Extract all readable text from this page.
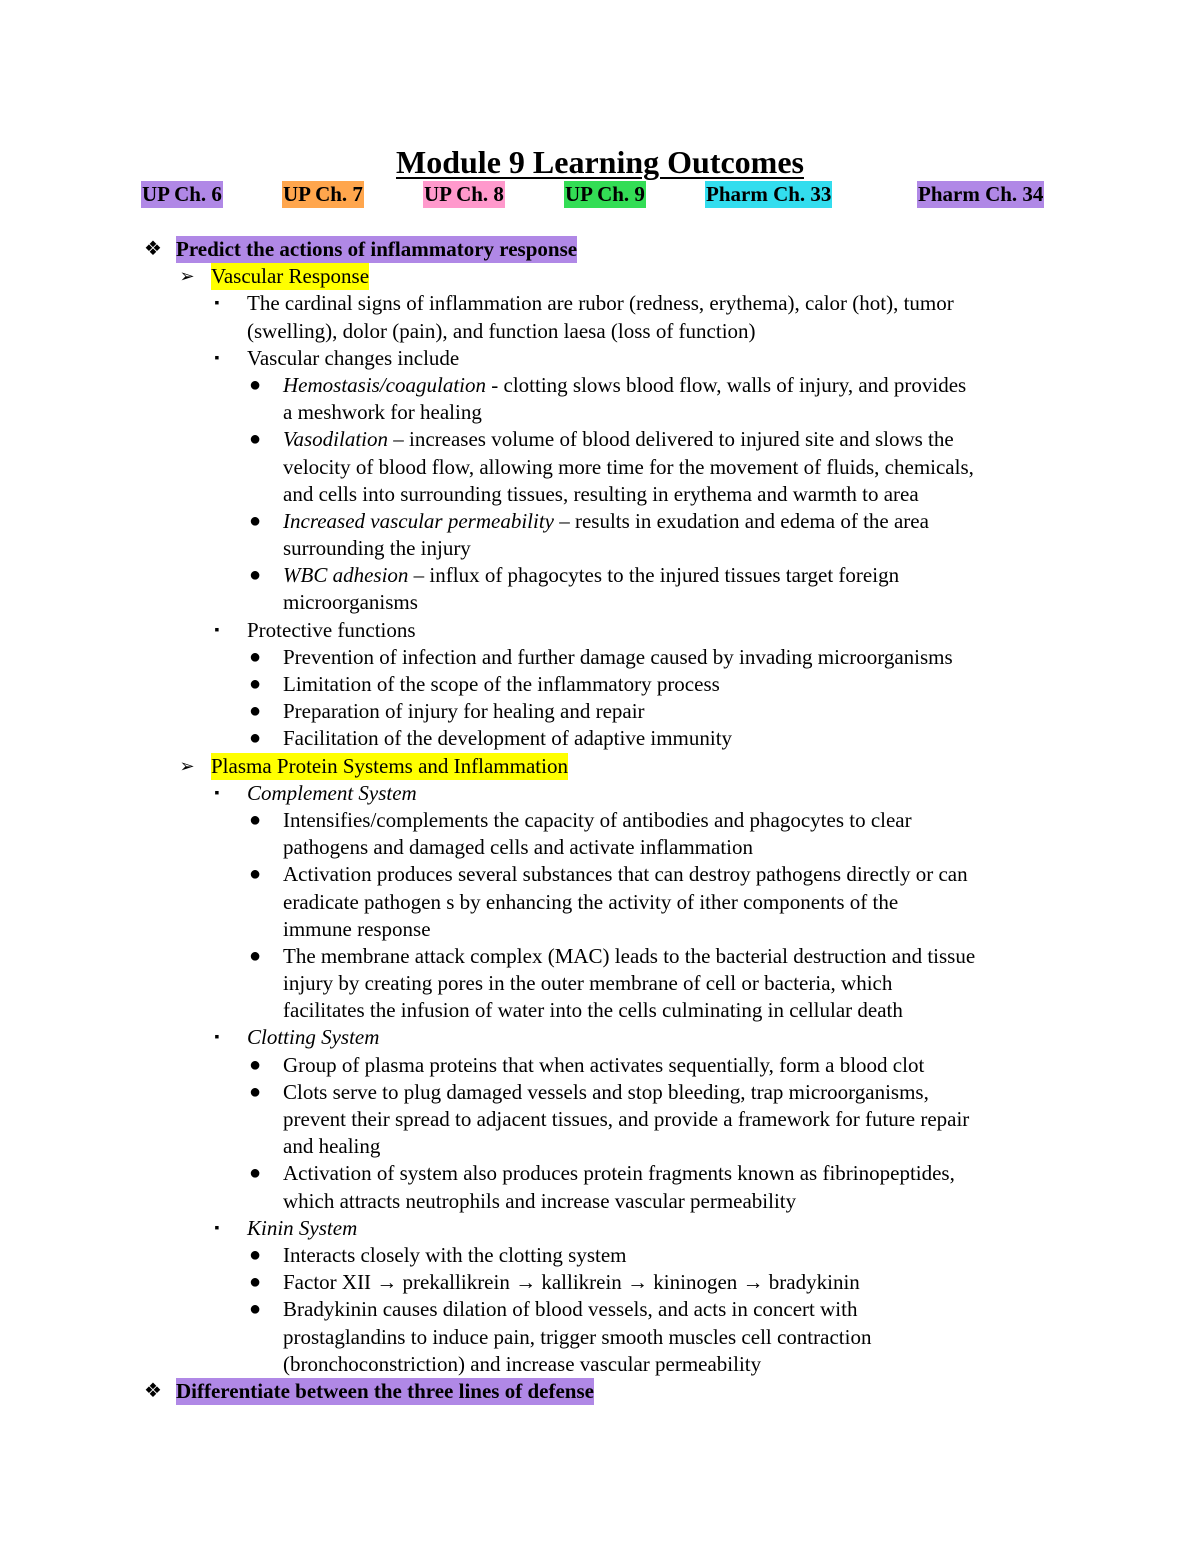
Module 9 Learning Outcomes
UP Ch. 6	UP Ch. 7	UP Ch. 8	UP Ch. 9	Pharm Ch. 33	Pharm Ch. 34
❖ Predict the actions of inflammatory response
➢ Vascular Response
▪ The cardinal signs of inflammation are rubor (redness, erythema), calor (hot), tumor
(swelling), dolor (pain), and function laesa (loss of function)
▪ Vascular changes include
● Hemostasis/coagulation - clotting slows blood flow, walls of injury, and provides
a meshwork for healing
● Vasodilation – increases volume of blood delivered to injured site and slows the
velocity of blood flow, allowing more time for the movement of fluids, chemicals,
and cells into surrounding tissues, resulting in erythema and warmth to area
● Increased vascular permeability – results in exudation and edema of the area
surrounding the injury
● WBC adhesion – influx of phagocytes to the injured tissues target foreign
microorganisms
▪ Protective functions
● Prevention of infection and further damage caused by invading microorganisms
● Limitation of the scope of the inflammatory process
● Preparation of injury for healing and repair
● Facilitation of the development of adaptive immunity
➢ Plasma Protein Systems and Inflammation
▪ Complement System
● Intensifies/complements the capacity of antibodies and phagocytes to clear
pathogens and damaged cells and activate inflammation
● Activation produces several substances that can destroy pathogens directly or can
eradicate pathogen s by enhancing the activity of ither components of the
immune response
● The membrane attack complex (MAC) leads to the bacterial destruction and tissue
injury by creating pores in the outer membrane of cell or bacteria, which
facilitates the infusion of water into the cells culminating in cellular death
▪ Clotting System
● Group of plasma proteins that when activates sequentially, form a blood clot
● Clots serve to plug damaged vessels and stop bleeding, trap microorganisms,
prevent their spread to adjacent tissues, and provide a framework for future repair
and healing
● Activation of system also produces protein fragments known as fibrinopeptides,
which attracts neutrophils and increase vascular permeability
▪ Kinin System
● Interacts closely with the clotting system
● Factor XII → prekallikrein → kallikrein → kininogen → bradykinin
● Bradykinin causes dilation of blood vessels, and acts in concert with
prostaglandins to induce pain, trigger smooth muscles cell contraction
(bronchoconstriction) and increase vascular permeability
❖ Differentiate between the three lines of defense
